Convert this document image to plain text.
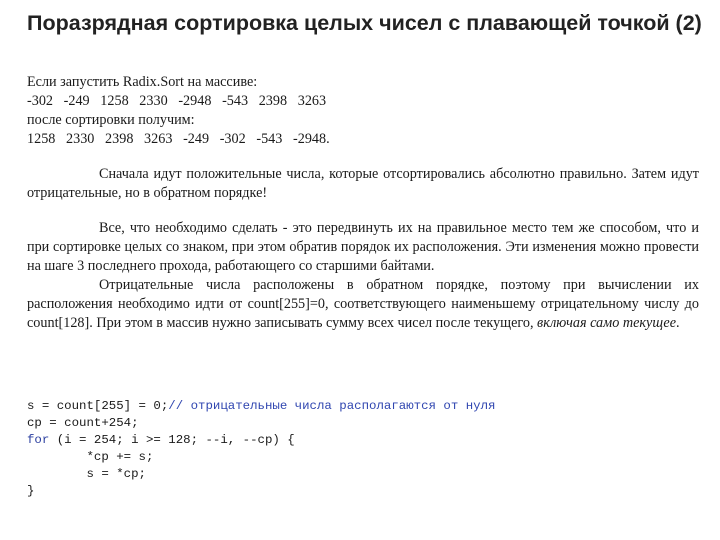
Поразрядная сортировка целых чисел с плавающей точкой (2)
Если запустить Radix.Sort на массиве:
-302   -249   1258   2330   -2948   -543   2398   3263
после сортировки получим:
1258   2330   2398   3263   -249   -302   -543   -2948.

Сначала идут положительные числа, которые отсортировались абсолютно правильно. Затем идут отрицательные, но в обратном порядке!

Все, что необходимо сделать - это передвинуть их на правильное место тем же способом, что и при сортировке целых со знаком, при этом обратив порядок их расположения. Эти изменения можно провести на шаге 3 последнего прохода, работающего со старшими байтами.

Отрицательные числа расположены в обратном порядке, поэтому при вычислении их расположения необходимо идти от count[255]=0, соответствующего наименьшему отрицательному числу до count[128]. При этом в массив нужно записывать сумму всех чисел после текущего, включая само текущее.

s = count[255] = 0;// отрицательные числа располагаются от нуля
cp = count+254;
for (i = 254; i >= 128; --i, --cp) {
*cp += s;
s = *cp;
}
